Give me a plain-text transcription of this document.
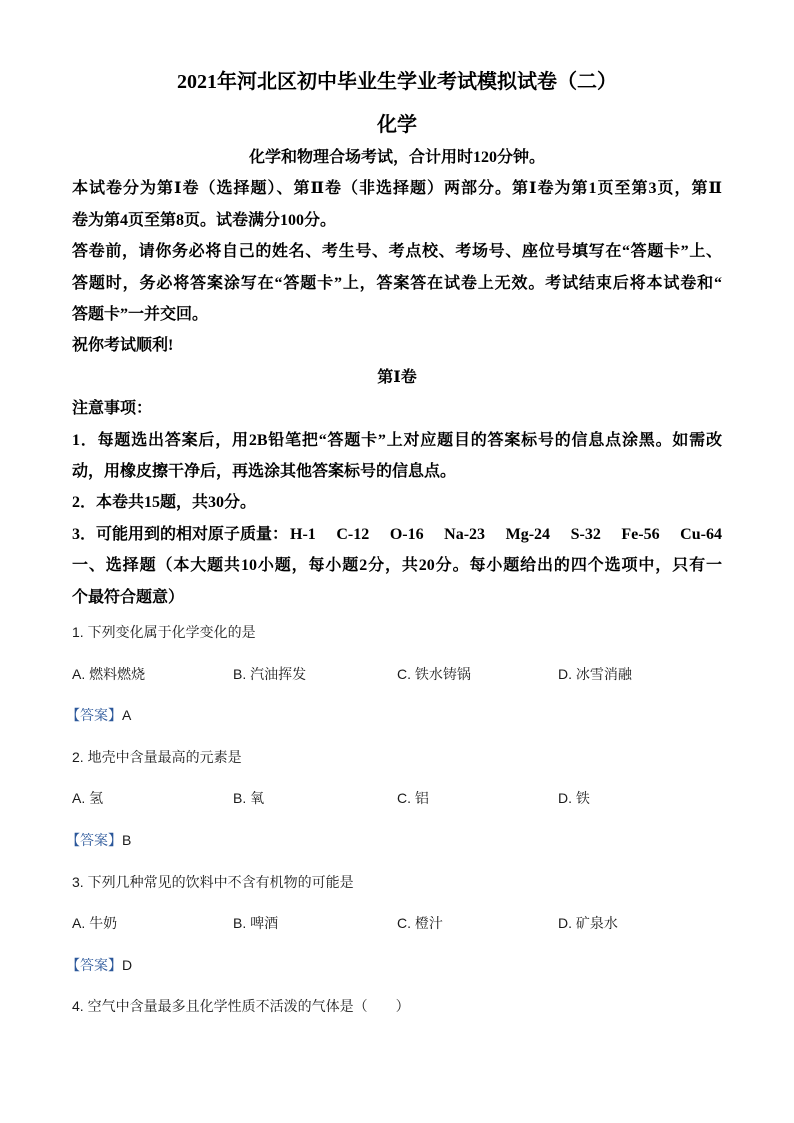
2021年河北区初中毕业生学业考试模拟试卷（二）
化学
化学和物理合场考试，合计用时120分钟。
本试卷分为第Ⅰ卷（选择题）、第Ⅱ卷（非选择题）两部分。第Ⅰ卷为第1页至第3页，第Ⅱ
卷为第4页至第8页。试卷满分100分。
答卷前，请你务必将自己的姓名、考生号、考点校、考场号、座位号填写在“答题卡”上、
答题时，务必将答案涂写在“答题卡”上，答案答在试卷上无效。考试结束后将本试卷和“
答题卡”一并交回。
祝你考试顺利!
第Ⅰ卷
注意事项：
1．每题选出答案后，用2B铅笔把“答题卡”上对应题目的答案标号的信息点涂黑。如需改
动，用橡皮擦干净后，再选涂其他答案标号的信息点。
2．本卷共15题，共30分。
3．可能用到的相对原子质量： H-1 C-12 O-16 Na-23 Mg-24 S-32 Fe-56 Cu-64
一、选择题（本大题共10小题，每小题2分，共20分。每小题给出的四个选项中，只有一
个最符合题意）
1. 下列变化属于化学变化的是
A. 燃料燃烧	B. 汽油挥发	C. 铁水铸锅	D. 冰雪消融
【答案】A
2. 地壳中含量最高的元素是
A. 氢	B. 氧	C. 铝	D. 铁
【答案】B
3. 下列几种常见的饮料中不含有机物的可能是
A. 牛奶	B. 啤酒	C. 橙汁	D. 矿泉水
【答案】D
4. 空气中含量最多且化学性质不活泼的气体是（　　）
